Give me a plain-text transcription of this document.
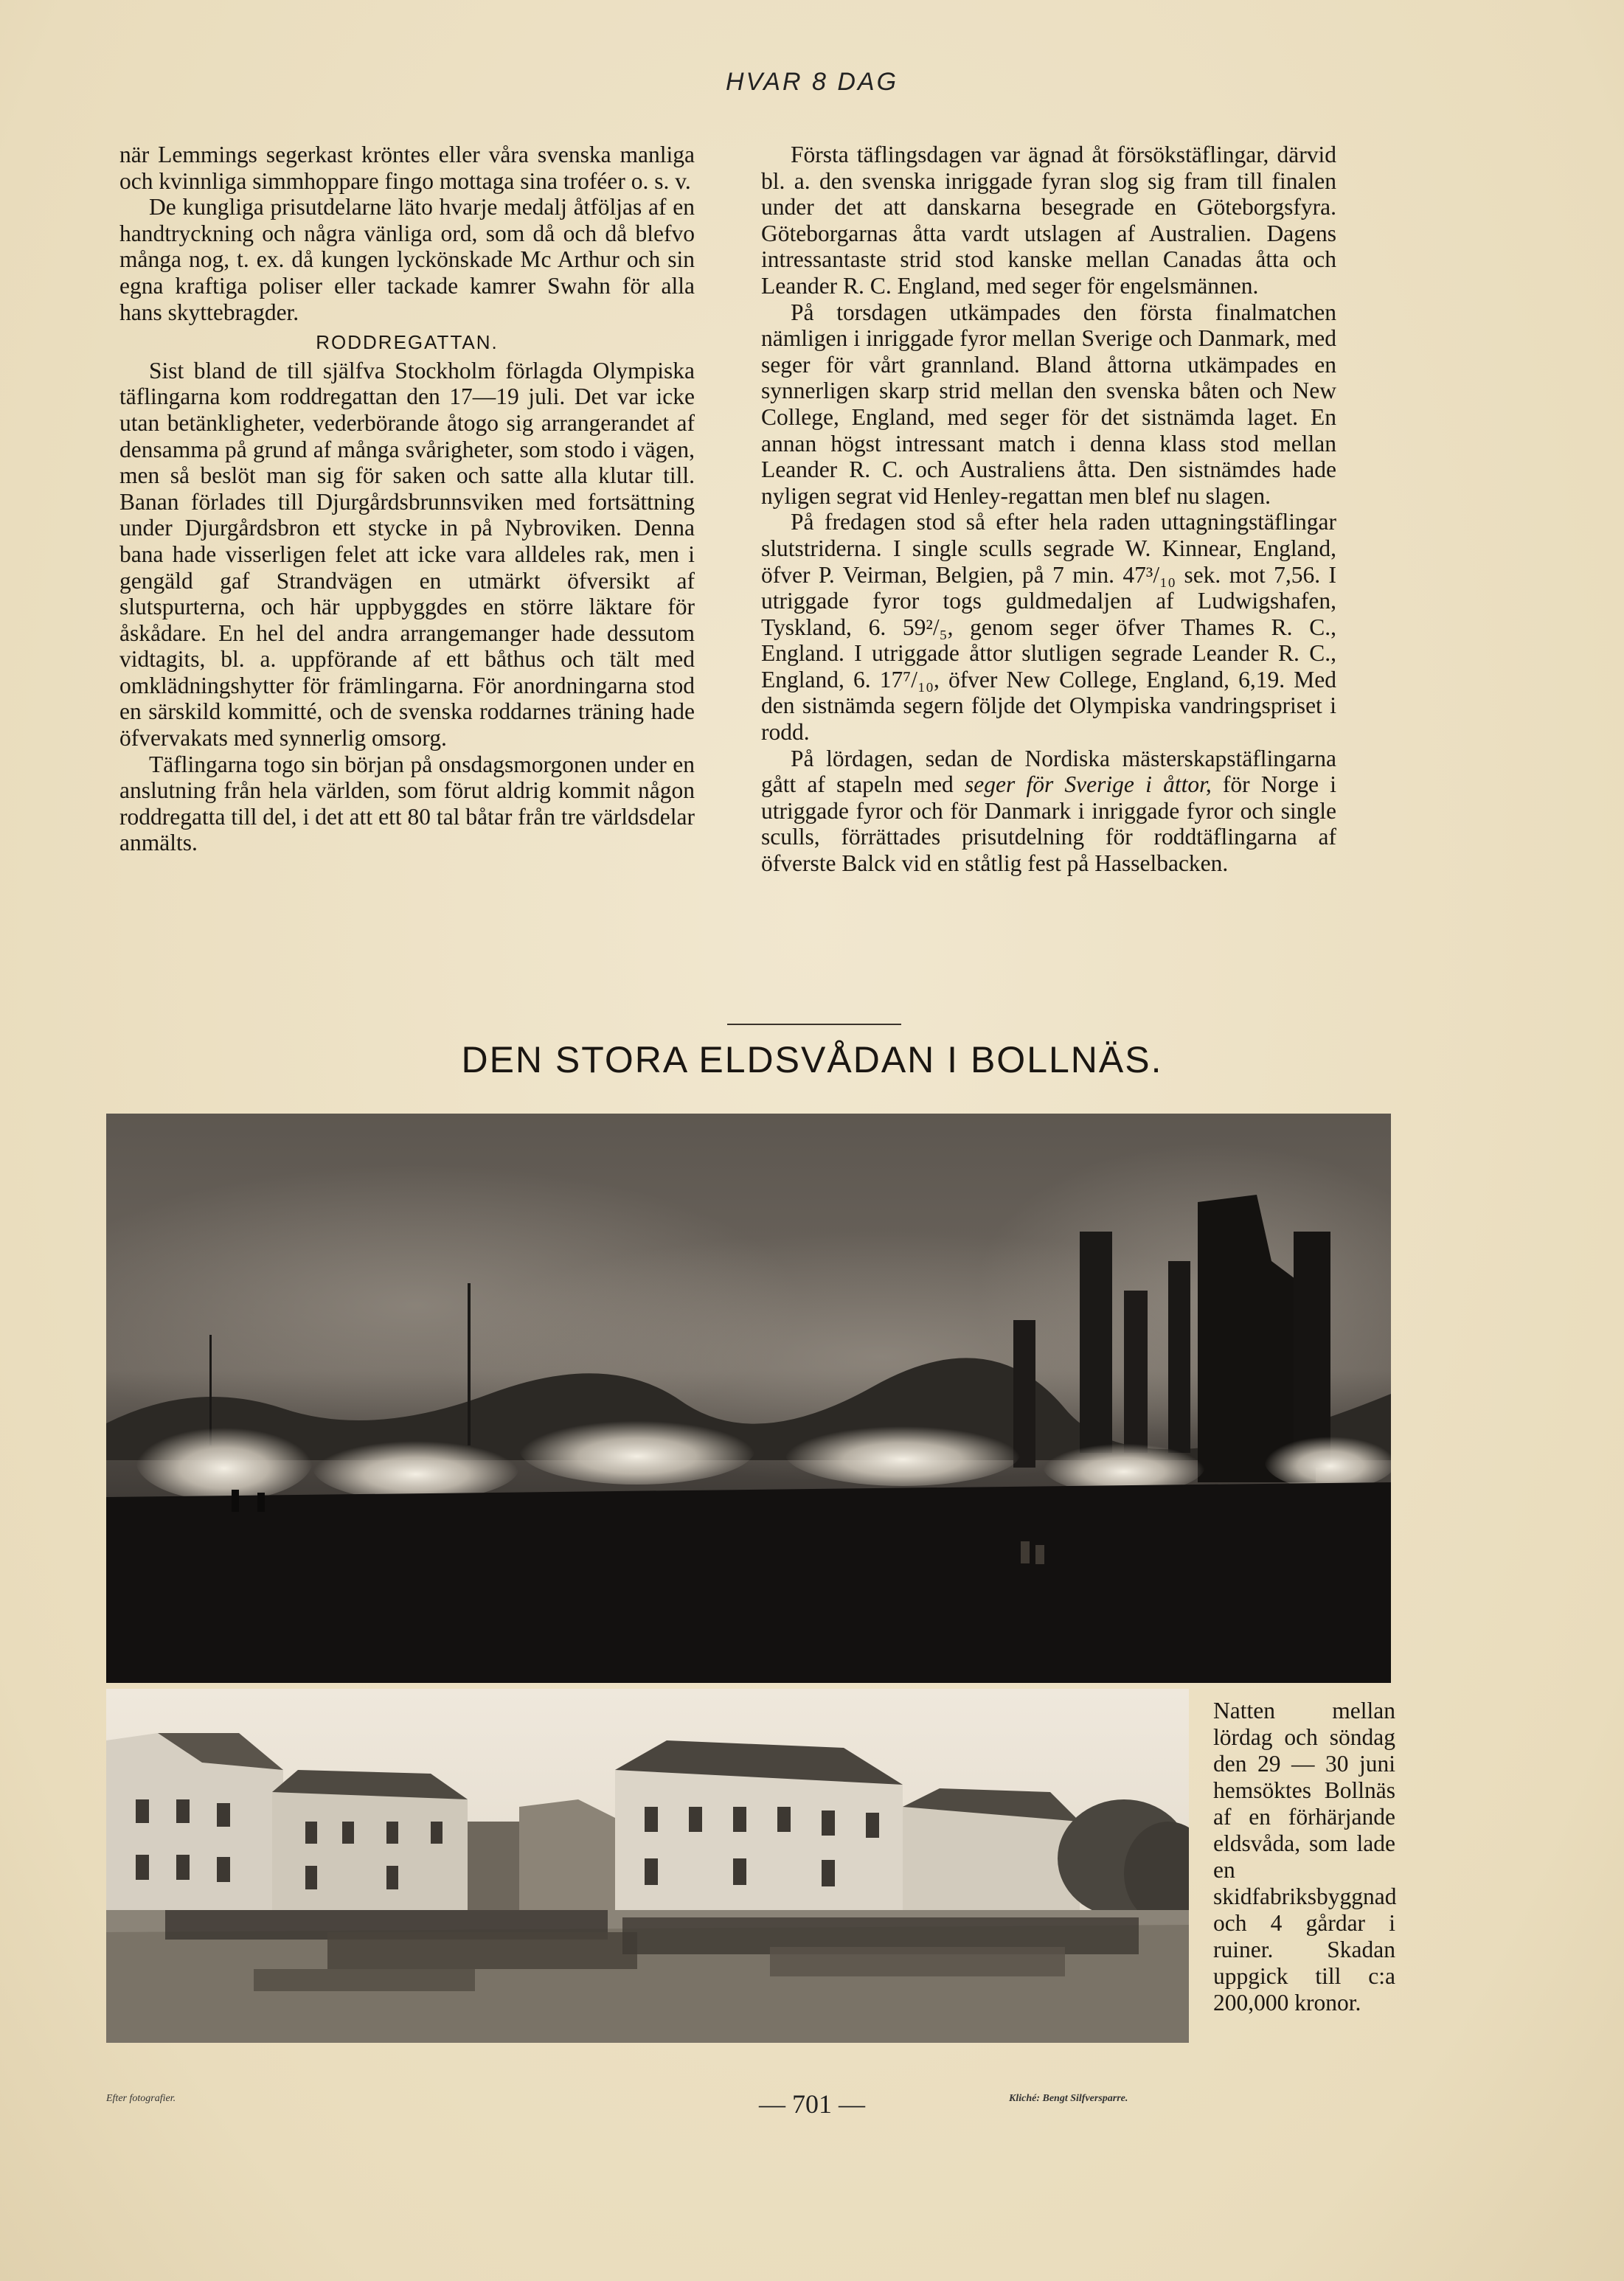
HVAR 8 DAG

när Lemmings segerkast kröntes eller våra svenska manliga och kvinnliga simmhoppare fingo mottaga sina troféer o. s. v.

De kungliga prisutdelarne läto hvarje medalj åtföljas af en handtryckning och några vänliga ord, som då och då blefvo många nog, t. ex. då kungen lyckönskade Mc Arthur och sin egna kraftiga poliser eller tackade kamrer Swahn för alla hans skyttebragder.

RODDREGATTAN.

Sist bland de till själfva Stockholm förlagda Olympiska täflingarna kom roddregattan den 17—19 juli. Det var icke utan betänkligheter, vederbörande åtogo sig arrangerandet af densamma på grund af många svårigheter, som stodo i vägen, men så beslöt man sig för saken och satte alla klutar till. Banan förlades till Djurgårdsbrunnsviken med fortsättning under Djurgårdsbron ett stycke in på Nybroviken. Denna bana hade visserligen felet att icke vara alldeles rak, men i gengäld gaf Strandvägen en utmärkt öfversikt af slutspurterna, och här uppbyggdes en större läktare för åskådare. En hel del andra arrangemanger hade dessutom vidtagits, bl. a. uppförande af ett båthus och tält med omklädningshytter för främlingarna. För anordningarna stod en särskild kommitté, och de svenska roddarnes träning hade öfvervakats med synnerlig omsorg.

Täflingarna togo sin början på onsdagsmorgonen under en anslutning från hela världen, som förut aldrig kommit någon roddregatta till del, i det att ett 80 tal båtar från tre världsdelar anmälts.

Första täflingsdagen var ägnad åt försökstäflingar, därvid bl. a. den svenska inriggade fyran slog sig fram till finalen under det att danskarna besegrade en Göteborgsfyra. Göteborgarnas åtta vardt utslagen af Australien. Dagens intressantaste strid stod kanske mellan Canadas åtta och Leander R. C. England, med seger för engelsmännen.

På torsdagen utkämpades den första finalmatchen nämligen i inriggade fyror mellan Sverige och Danmark, med seger för vårt grannland. Bland åttorna utkämpades en synnerligen skarp strid mellan den svenska båten och New College, England, med seger för det sistnämda laget. En annan högst intressant match i denna klass stod mellan Leander R. C. och Australiens åtta. Den sistnämdes hade nyligen segrat vid Henley-regattan men blef nu slagen.

På fredagen stod så efter hela raden uttagningstäflingar slutstriderna. I single sculls segrade W. Kinnear, England, öfver P. Veirman, Belgien, på 7 min. 47³/₁₀ sek. mot 7,56. I utriggade fyror togs guldmedaljen af Ludwigshafen, Tyskland, 6. 59²/₅, genom seger öfver Thames R. C., England. I utriggade åttor slutligen segrade Leander R. C., England, 6. 17⁷/₁₀, öfver New College, England, 6,19. Med den sistnämda segern följde det Olympiska vandringspriset i rodd.

På lördagen, sedan de Nordiska mästerskapstäflingarna gått af stapeln med seger för Sverige i åttor, för Norge i utriggade fyror och för Danmark i inriggade fyror och single sculls, förrättades prisutdelning för roddtäflingarna af öfverste Balck vid en ståtlig fest på Hasselbacken.

DEN STORA ELDSVÅDAN I BOLLNÄS.
Natten mellan lördag och söndag den 29 — 30 juni hemsöktes Bollnäs af en förhärjande eldsvåda, som lade en skidfabriksbyggnad och 4 gårdar i ruiner. Skadan uppgick till c:a 200,000 kronor.
Efter fotografier.	Kliché: Bengt Silfversparre.
— 701 —
